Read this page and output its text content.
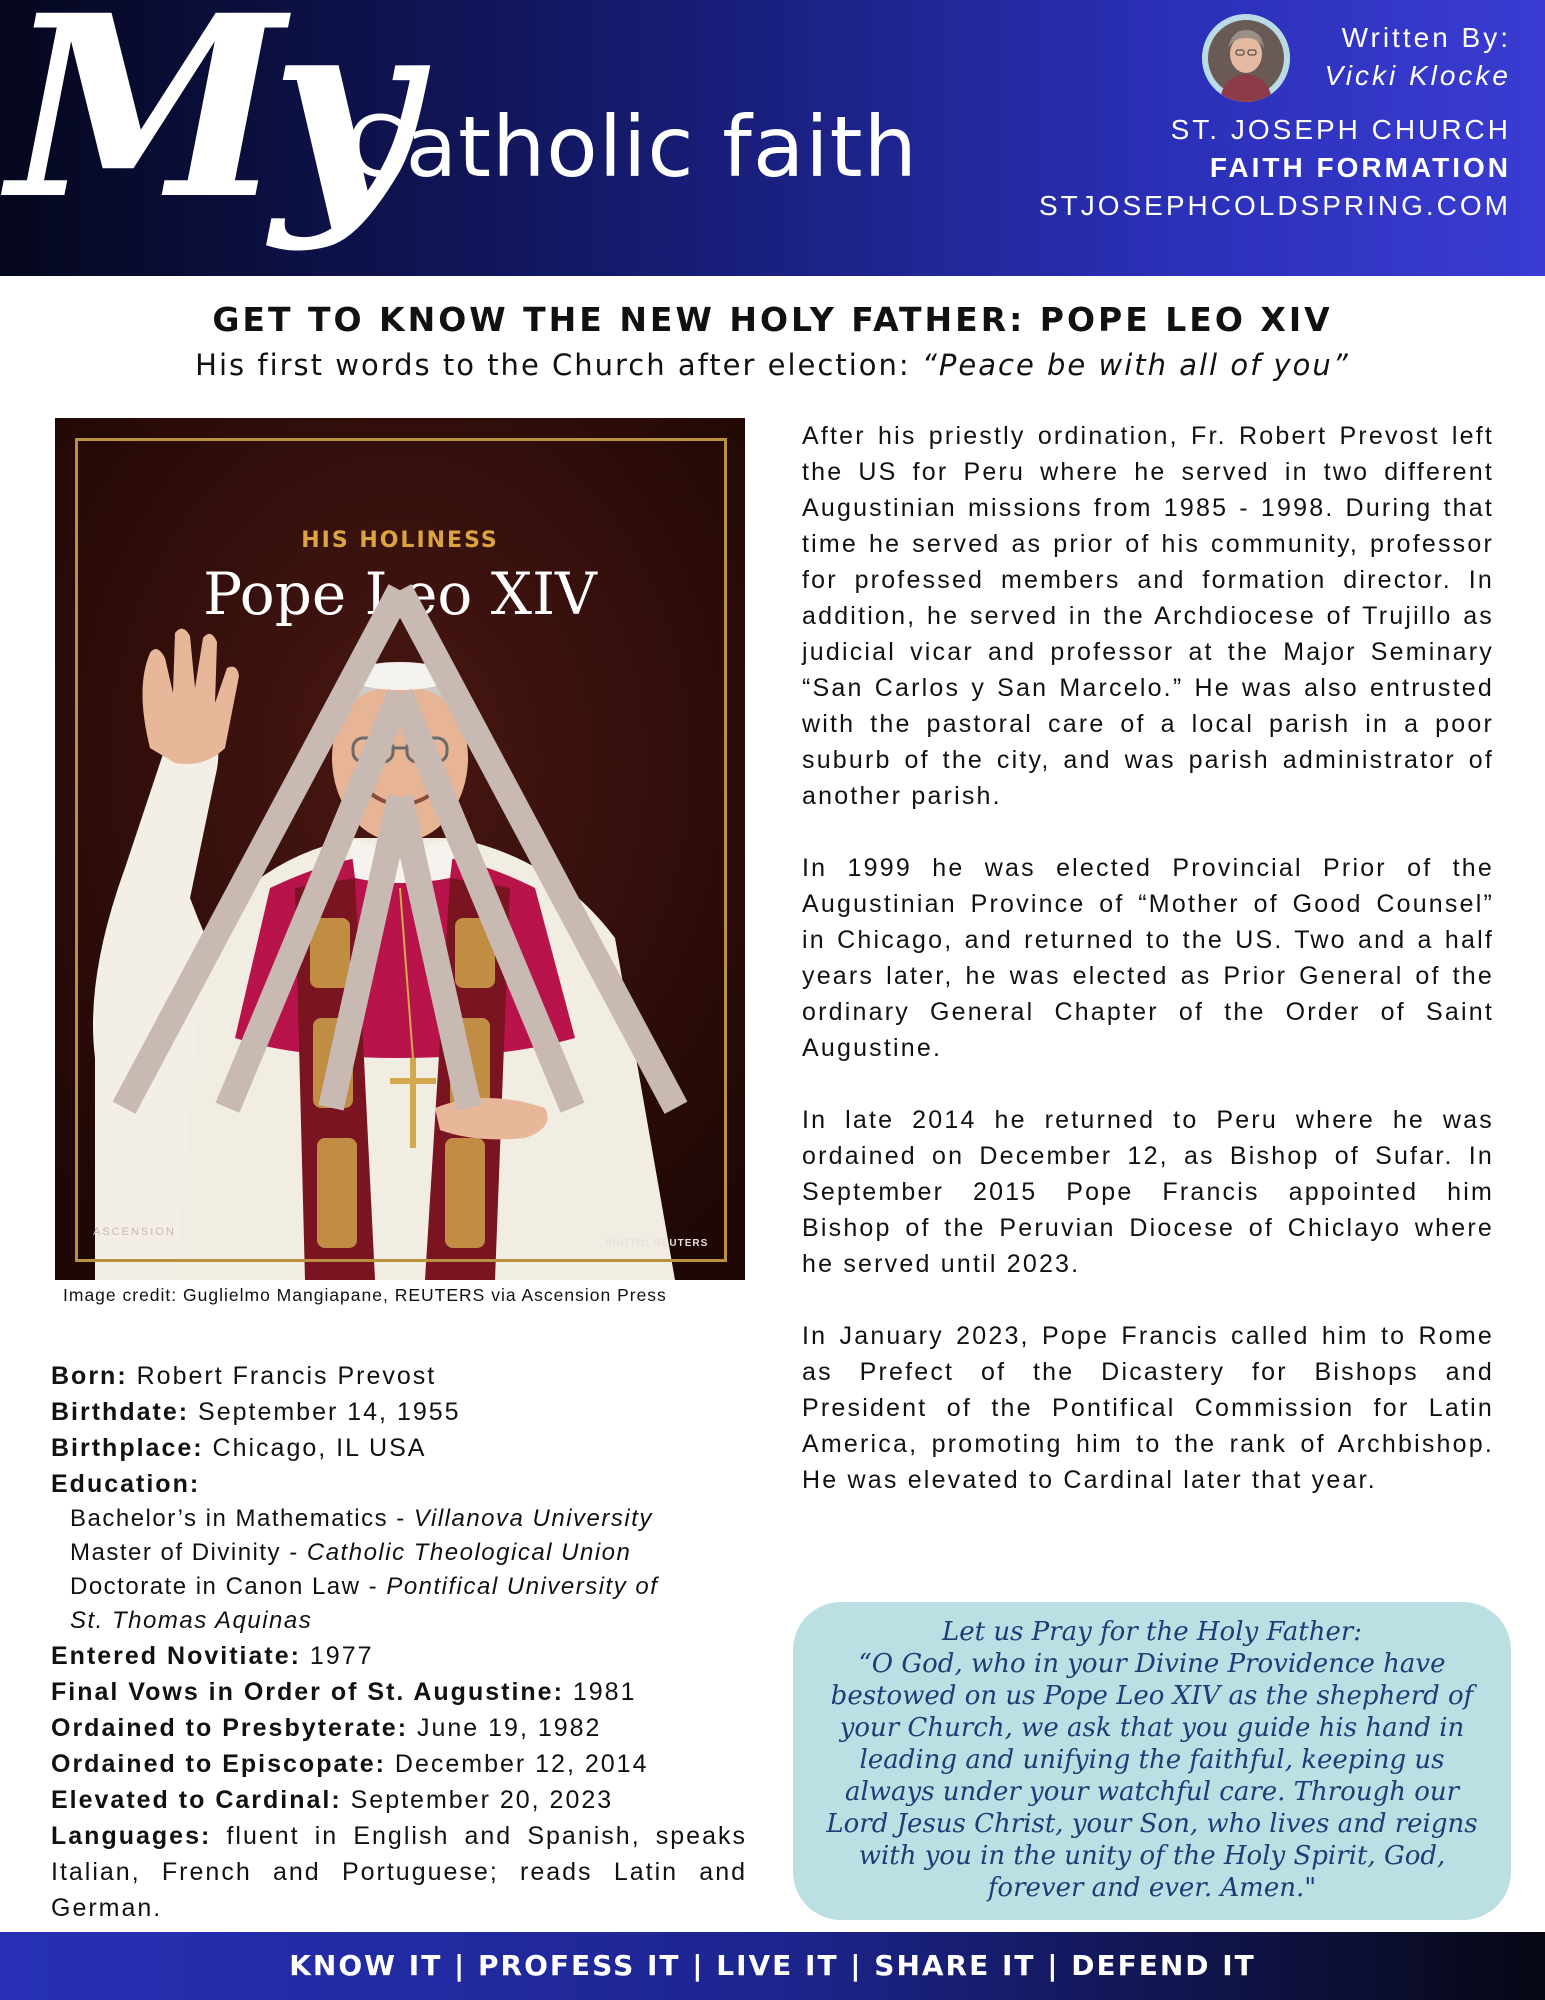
My
Catholic faith
Written By:
Vicki Klocke
ST. JOSEPH CHURCH
FAITH FORMATION
STJOSEPHCOLDSPRING.COM
GET TO KNOW THE NEW HOLY FATHER: POPE LEO XIV
His first words to the Church after election: “Peace be with all of you”
HIS HOLINESS
Pope Leo XIV
ASCENSION
PHOTO: REUTERS
Image credit: Guglielmo Mangiapane, REUTERS via Ascension Press
Born: Robert Francis Prevost
Birthdate: September 14, 1955
Birthplace: Chicago, IL USA
Education:
Bachelor’s in Mathematics - Villanova University
Master of Divinity - Catholic Theological Union
Doctorate in Canon Law - Pontifical University of
St. Thomas Aquinas
Entered Novitiate: 1977
Final Vows in Order of St. Augustine: 1981
Ordained to Presbyterate: June 19, 1982
Ordained to Episcopate: December 12, 2014
Elevated to Cardinal: September 20, 2023
Languages: fluent in English and Spanish, speaks Italian, French and Portuguese; reads Latin and German.

After his priestly ordination, Fr. Robert Prevost left the US for Peru where he served in two different Augustinian missions from 1985 - 1998. During that time he served as prior of his community, professor for professed members and formation director. In addition, he served in the Archdiocese of Trujillo as judicial vicar and professor at the Major Seminary “San Carlos y San Marcelo.” He was also entrusted with the pastoral care of a local parish in a poor suburb of the city, and was parish administrator of another parish.

In 1999 he was elected Provincial Prior of the Augustinian Province of “Mother of Good Counsel” in Chicago, and returned to the US. Two and a half years later, he was elected as Prior General of the ordinary General Chapter of the Order of Saint Augustine.

In late 2014 he returned to Peru where he was ordained on December 12, as Bishop of Sufar. In September 2015 Pope Francis appointed him Bishop of the Peruvian Diocese of Chiclayo where he served until 2023.

In January 2023, Pope Francis called him to Rome as Prefect of the Dicastery for Bishops and President of the Pontifical Commission for Latin America, promoting him to the rank of Archbishop. He was elevated to Cardinal later that year.

Let us Pray for the Holy Father:
“O God, who in your Divine Providence have bestowed on us Pope Leo XIV as the shepherd of your Church, we ask that you guide his hand in leading and unifying the faithful, keeping us always under your watchful care. Through our Lord Jesus Christ, your Son, who lives and reigns with you in the unity of the Holy Spirit, God, forever and ever. Amen."
KNOW IT | PROFESS IT | LIVE IT | SHARE IT | DEFEND IT
